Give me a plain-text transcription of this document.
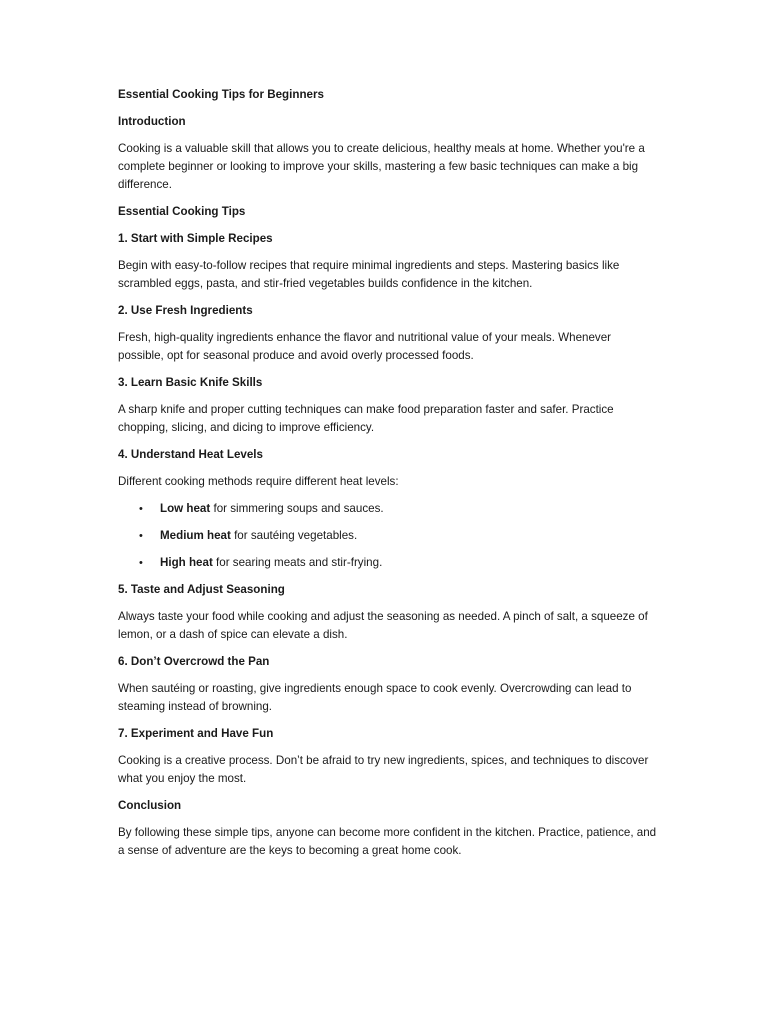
Essential Cooking Tips for Beginners

Introduction

Cooking is a valuable skill that allows you to create delicious, healthy meals at home. Whether you're a complete beginner or looking to improve your skills, mastering a few basic techniques can make a big difference.

Essential Cooking Tips

1. Start with Simple Recipes

Begin with easy-to-follow recipes that require minimal ingredients and steps. Mastering basics like scrambled eggs, pasta, and stir-fried vegetables builds confidence in the kitchen.

2. Use Fresh Ingredients

Fresh, high-quality ingredients enhance the flavor and nutritional value of your meals. Whenever possible, opt for seasonal produce and avoid overly processed foods.

3. Learn Basic Knife Skills

A sharp knife and proper cutting techniques can make food preparation faster and safer. Practice chopping, slicing, and dicing to improve efficiency.

4. Understand Heat Levels

Different cooking methods require different heat levels:

• Low heat for simmering soups and sauces.
• Medium heat for sautéing vegetables.
• High heat for searing meats and stir-frying.

5. Taste and Adjust Seasoning

Always taste your food while cooking and adjust the seasoning as needed. A pinch of salt, a squeeze of lemon, or a dash of spice can elevate a dish.

6. Don’t Overcrowd the Pan

When sautéing or roasting, give ingredients enough space to cook evenly. Overcrowding can lead to steaming instead of browning.

7. Experiment and Have Fun

Cooking is a creative process. Don’t be afraid to try new ingredients, spices, and techniques to discover what you enjoy the most.

Conclusion

By following these simple tips, anyone can become more confident in the kitchen. Practice, patience, and a sense of adventure are the keys to becoming a great home cook.
